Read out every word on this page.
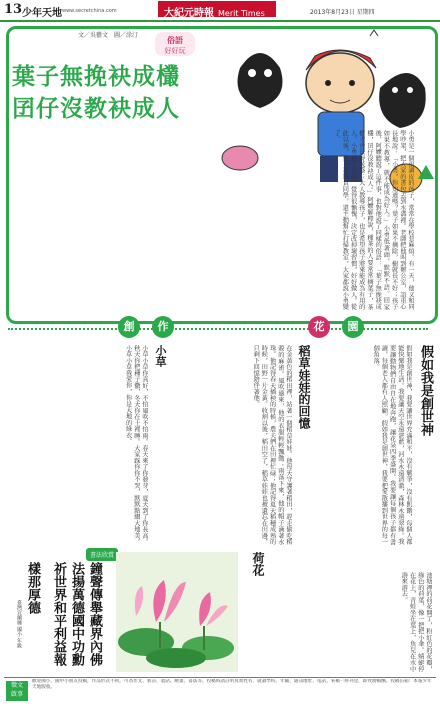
13 少年天地 www.secretchina.com	大紀元時報 Merit Times	2013年8月23日 星期四
文／吳藝文　圖／涂汀
俗語
好好玩
葉子無挽袂成欉
囝仔沒教袂成人
小勇是一個很調皮的孩子，常常在學校惹麻煩。有一天，他又和同學吵架，把人家的書包丟到水溝裡。老師把他叫到辦公室，語重心長地說：「小勇，你知道嗎？葉子如果不摘除，樹就長不好；孩子如果不教導，就不能成為好人。」小勇低著頭，默默不語。回家後，阿嬤聽說了這件事，也對他說了同樣的俗語：「葉子無挽袂成欉，囝仔沒教袂成人。」阿嬤解釋說，種茶的人要常常摘葉子，茶樹才會長得茂盛；大人教導孩子，也是希望孩子將來能成為有用的人。小勇聽了以後，覺得很慚愧，決定改掉壞習慣，好好做人。從此以後，他不再欺負同學，還主動幫忙打掃教室，大家都說小勇變了。
創	作	花	園
假如我是創世神
假如我是創世神，我要讓世界充滿和平，沒有戰爭，沒有飢餓，每個人都能快樂地生活。我要讓天空永遠湛藍，河水永遠清澈，森林永遠翠綠。我要讓動物們自由自在地奔跑，讓花朵四季盛開。我要讓每個孩子都有書讀，每個老人都有人照顧。假如我是創世神，我要把愛散播到世界的每一個角落。
稻草娃娃的回憶
在金黃色的稻田裡，站著一個稻草娃娃。他每天守護著稻田，趕走偷吃稻穀的麻雀。風吹過來，他的衣服輕輕飄動；雨落下來，他的帽子滴著水珠。他記得春天插秧的時候，農夫們在田裡忙碌；他記得夏天稻穗成熟的時候，田野一片金黃。收割以後，稻田空了，稻草娃娃也被遺忘在田邊，只剩下回憶陪伴著他。
小草
小草小草你真好，不怕風吹不怕雨。春天來了你發芽，夏天到了你長高。秋天你把種子撒，冬天你在土裡睡。大家踩你你不哭，默默點綴大地美。小草小草我愛你，你是大地的綠衣。
書法欣賞
鐘聲傳舉藏界內佛
法揚萬德國中功勳
祈世界和平利益報
樣那厚德
臺灣宜蘭縣 國小 年級
荷花
池塘裡的荷花開了，粉紅色的花瓣，綠色的荷葉，像一把把小傘。蜻蜓停在花上，青蛙坐在葉上，魚兒在水中游來游去。
徵文
啟事
歡迎國小、國中小朋友投稿，作品形式不拘，可為作文、新詩、童話、繪畫、書法等。投稿時請註明真實姓名、就讀學校、年級、通訊地址、電話。來稿一經刊登，即致贈稿酬。投稿信箱：本報少年天地版收。
